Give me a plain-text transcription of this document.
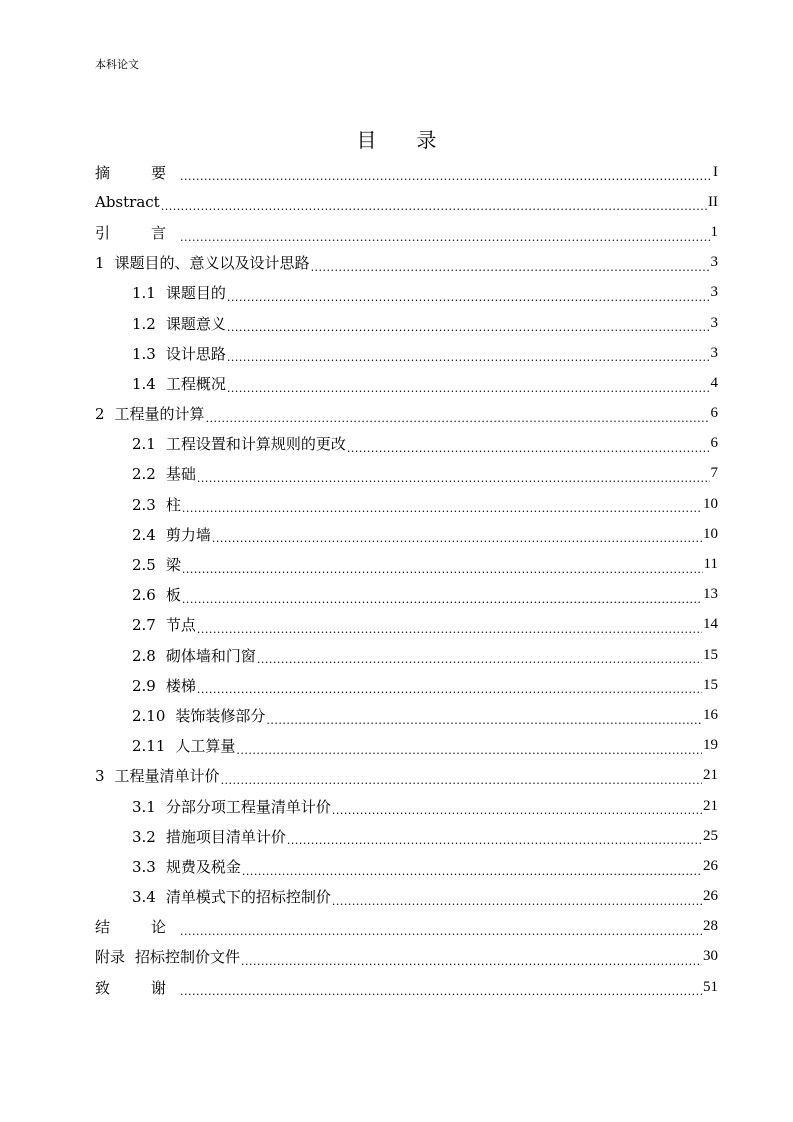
本科论文
目录
摘　要 .....	I
Abstract .....	II
引　言 .....	1
1 课题目的、意义以及设计思路 .....	3
1.1 课题目的 .....	3
1.2 课题意义 .....	3
1.3 设计思路 .....	3
1.4 工程概况 .....	4
2 工程量的计算 .....	6
2.1 工程设置和计算规则的更改 .....	6
2.2 基础 .....	7
2.3 柱 .....	10
2.4 剪力墙 .....	10
2.5 梁 .....	11
2.6 板 .....	13
2.7 节点 .....	14
2.8 砌体墙和门窗 .....	15
2.9 楼梯 .....	15
2.10 装饰装修部分 .....	16
2.11 人工算量 .....	19
3 工程量清单计价 .....	21
3.1 分部分项工程量清单计价 .....	21
3.2 措施项目清单计价 .....	25
3.3 规费及税金 .....	26
3.4 清单模式下的招标控制价 .....	26
结　论 .....	28
附录 招标控制价文件 .....	30
致　谢 .....	51
